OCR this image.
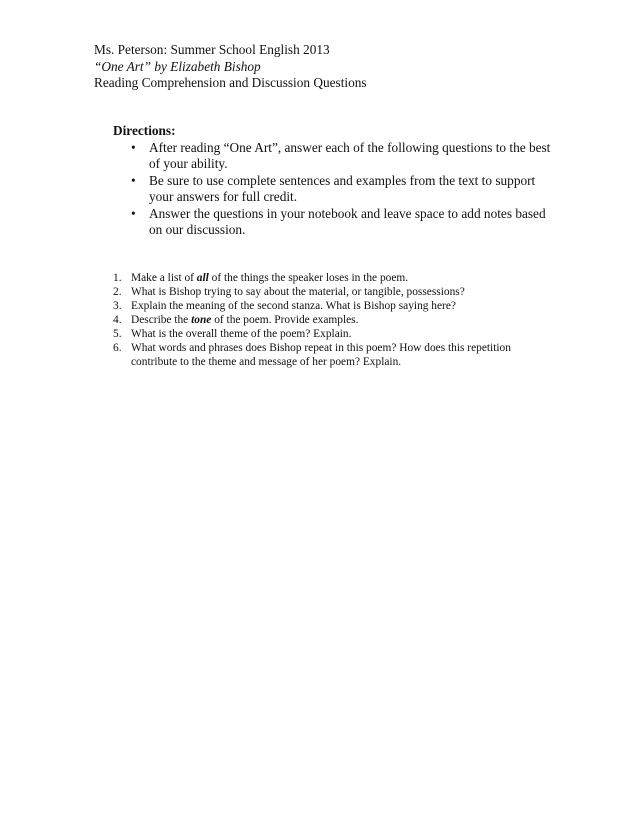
Ms. Peterson: Summer School English 2013
“One Art” by Elizabeth Bishop
Reading Comprehension and Discussion Questions
Directions:
• After reading “One Art”, answer each of the following questions to the best of your ability.
• Be sure to use complete sentences and examples from the text to support your answers for full credit.
• Answer the questions in your notebook and leave space to add notes based on our discussion.
1. Make a list of all of the things the speaker loses in the poem.
2. What is Bishop trying to say about the material, or tangible, possessions?
3. Explain the meaning of the second stanza. What is Bishop saying here?
4. Describe the tone of the poem. Provide examples.
5. What is the overall theme of the poem? Explain.
6. What words and phrases does Bishop repeat in this poem? How does this repetition contribute to the theme and message of her poem? Explain.
